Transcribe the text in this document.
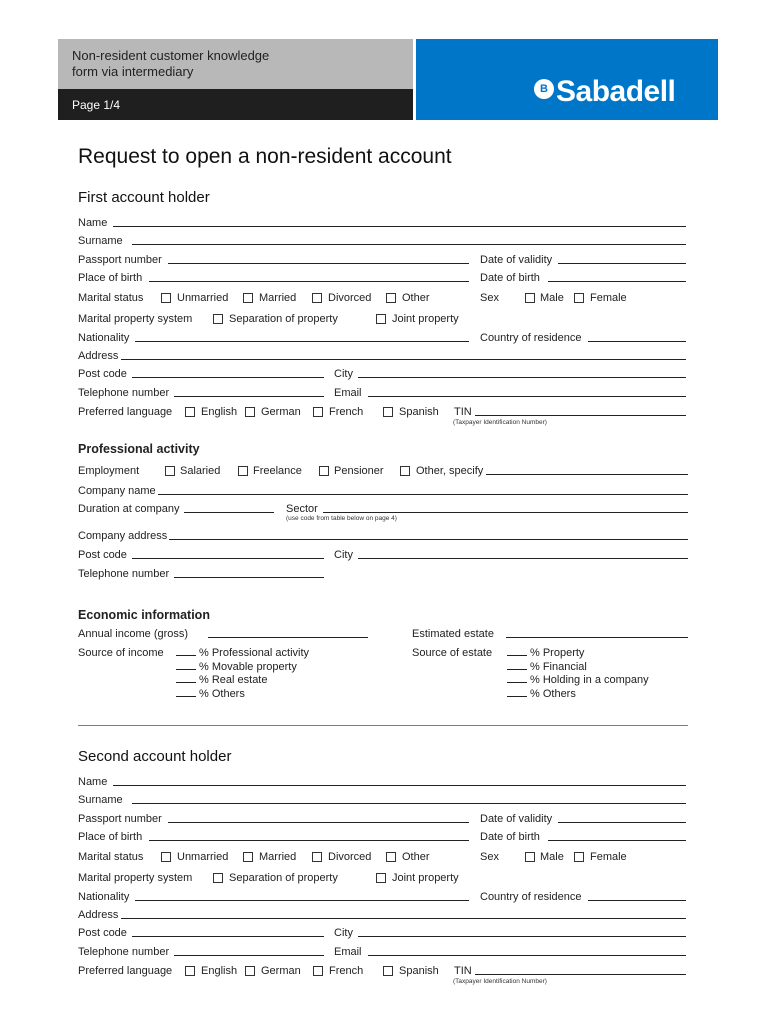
Non-resident customer knowledge
form via intermediary
Page 1/4
B Sabadell
Request to open a non-resident account
First account holder
Name
Surname
Passport number	Date of validity
Place of birth	Date of birth
Marital status	Unmarried	Married	Divorced	Other	Sex	Male Female
Marital property system	Separation of property	Joint property
Nationality	Country of residence
Address
Post code	City
Telephone number	Email
Preferred language	English German	French	Spanish TIN
(Taxpayer Identification Number)
Professional activity
Employment	Salaried	Freelance	Pensioner	Other, specify
Company name
Duration at company	Sector
(use code from table below on page 4)
Company address
Post code	City
Telephone number
Economic information
Annual income (gross)	Estimated estate
Source of income	% Professional activity
% Movable property
% Real estate
% Others
Source of estate	% Property
% Financial
% Holding in a company
% Others
Second account holder
Name
Surname
Passport number	Date of validity
Place of birth	Date of birth
Marital status	Unmarried	Married	Divorced	Other	Sex	Male Female
Marital property system	Separation of property	Joint property
Nationality	Country of residence
Address
Post code	City
Telephone number	Email
Preferred language	English German	French	Spanish TIN
(Taxpayer Identification Number)
